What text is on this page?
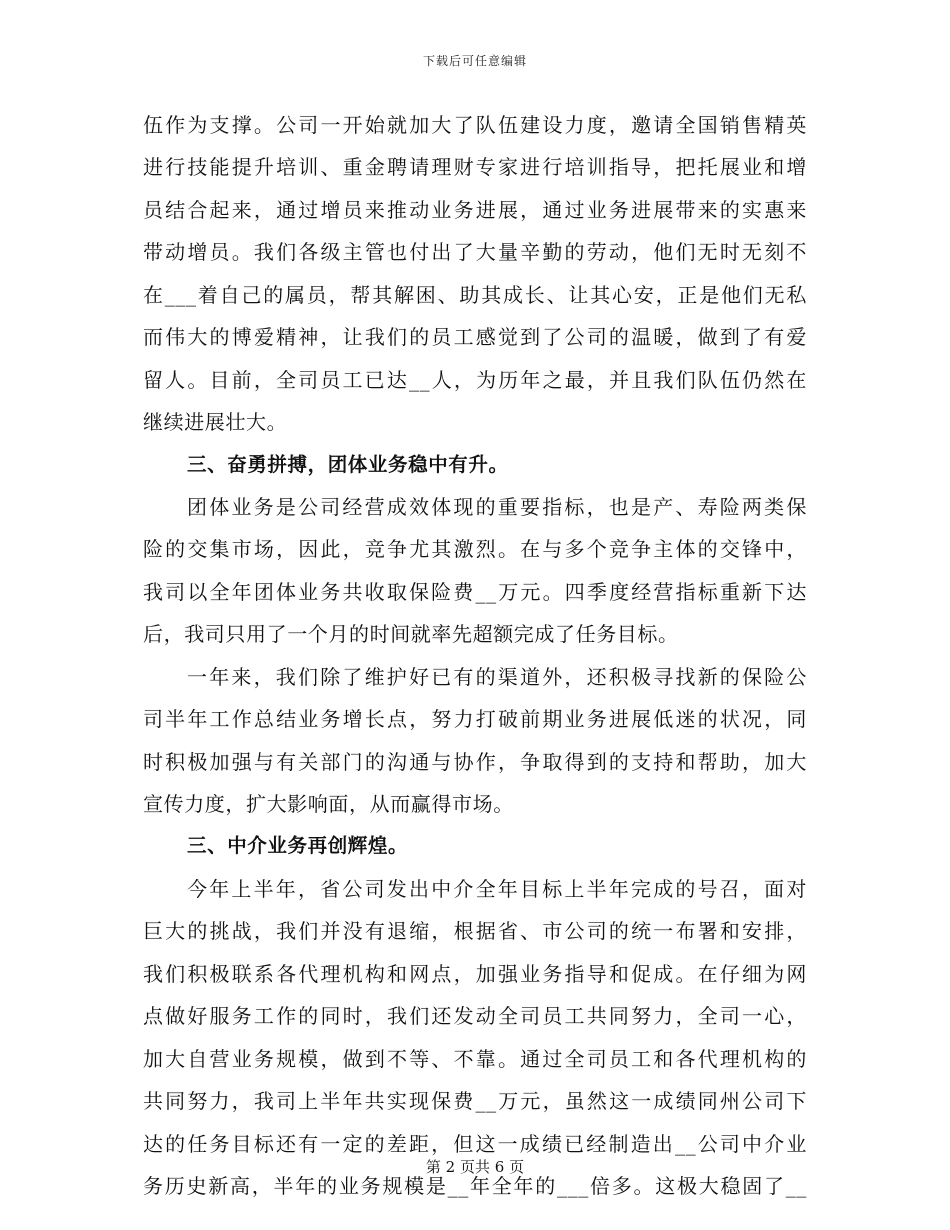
下载后可任意编辑
伍作为支撑。公司一开始就加大了队伍建设力度，邀请全国销售精英
进行技能提升培训、重金聘请理财专家进行培训指导，把托展业和增
员结合起来，通过增员来推动业务进展，通过业务进展带来的实惠来
带动增员。我们各级主管也付出了大量辛勤的劳动，他们无时无刻不
在___着自己的属员，帮其解困、助其成长、让其心安，正是他们无私
而伟大的博爱精神，让我们的员工感觉到了公司的温暖，做到了有爱
留人。目前，全司员工已达__人，为历年之最，并且我们队伍仍然在
继续进展壮大。
三、奋勇拼搏，团体业务稳中有升。
团体业务是公司经营成效体现的重要指标，也是产、寿险两类保
险的交集市场，因此，竞争尤其激烈。在与多个竞争主体的交锋中，
我司以全年团体业务共收取保险费__万元。四季度经营指标重新下达
后，我司只用了一个月的时间就率先超额完成了任务目标。
一年来，我们除了维护好已有的渠道外，还积极寻找新的保险公
司半年工作总结业务增长点，努力打破前期业务进展低迷的状况，同
时积极加强与有关部门的沟通与协作，争取得到的支持和帮助，加大
宣传力度，扩大影响面，从而赢得市场。
三、中介业务再创辉煌。
今年上半年，省公司发出中介全年目标上半年完成的号召，面对
巨大的挑战，我们并没有退缩，根据省、市公司的统一布署和安排，
我们积极联系各代理机构和网点，加强业务指导和促成。在仔细为网
点做好服务工作的同时，我们还发动全司员工共同努力，全司一心，
加大自营业务规模，做到不等、不靠。通过全司员工和各代理机构的
共同努力，我司上半年共实现保费__万元，虽然这一成绩同州公司下
达的任务目标还有一定的差距，但这一成绩已经制造出__公司中介业
务历史新高，半年的业务规模是__年全年的___倍多。这极大稳固了__
第 2 页共 6 页
